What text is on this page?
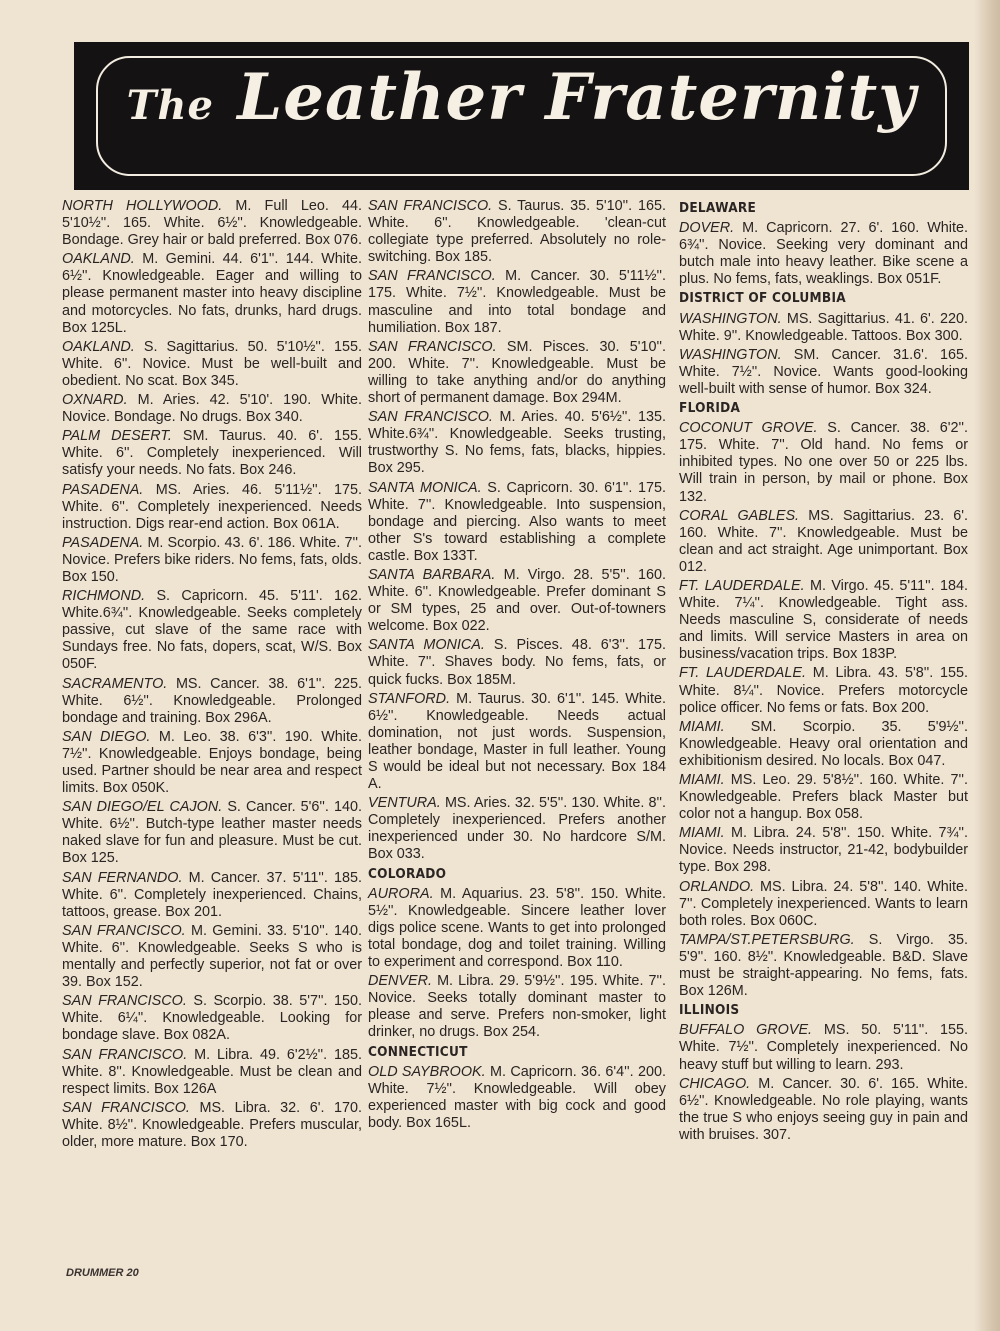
The Leather Fraternity
NORTH HOLLYWOOD. M. Full Leo. 44. 5'10½''. 165. White. 6½''. Knowledgeable. Bondage. Grey hair or bald preferred. Box 076.
OAKLAND. M. Gemini. 44. 6'1''. 144. White. 6½''. Knowledgeable. Eager and willing to please permanent master into heavy discipline and motorcycles. No fats, drunks, hard drugs. Box 125L.
OAKLAND. S. Sagittarius. 50. 5'10½''. 155. White. 6''. Novice. Must be well-built and obedient. No scat. Box 345.
OXNARD. M. Aries. 42. 5'10'. 190. White. Novice. Bondage. No drugs. Box 340.
PALM DESERT. SM. Taurus. 40. 6'. 155. White. 6''. Completely inexperienced. Will satisfy your needs. No fats. Box 246.
PASADENA. MS. Aries. 46. 5'11½''. 175. White. 6''. Completely inexperienced. Needs instruction. Digs rear-end action. Box 061A.
PASADENA. M. Scorpio. 43. 6'. 186. White. 7''. Novice. Prefers bike riders. No fems, fats, olds. Box 150.
RICHMOND. S. Capricorn. 45. 5'11'. 162. White.6¾''. Knowledgeable. Seeks completely passive, cut slave of the same race with Sundays free. No fats, dopers, scat, W/S. Box 050F.
SACRAMENTO. MS. Cancer. 38. 6'1''. 225. White. 6½''. Knowledgeable. Prolonged bondage and training. Box 296A.
SAN DIEGO. M. Leo. 38. 6'3''. 190. White. 7½''. Knowledgeable. Enjoys bondage, being used. Partner should be near area and respect limits. Box 050K.
SAN DIEGO/EL CAJON. S. Cancer. 5'6''. 140. White. 6½''. Butch-type leather master needs naked slave for fun and pleasure. Must be cut. Box 125.
SAN FERNANDO. M. Cancer. 37. 5'11''. 185. White. 6''. Completely inexperienced. Chains, tattoos, grease. Box 201.
SAN FRANCISCO. M. Gemini. 33. 5'10''. 140. White. 6''. Knowledgeable. Seeks S who is mentally and perfectly superior, not fat or over 39. Box 152.
SAN FRANCISCO. S. Scorpio. 38. 5'7''. 150. White. 6¼''. Knowledgeable. Looking for bondage slave. Box 082A.
SAN FRANCISCO. M. Libra. 49. 6'2½''. 185. White. 8''. Knowledgeable. Must be clean and respect limits. Box 126A
SAN FRANCISCO. MS. Libra. 32. 6'. 170. White. 8½''. Knowledgeable. Prefers muscular, older, more mature. Box 170.
SAN FRANCISCO. S. Taurus. 35. 5'10''. 165. White. 6''. Knowledgeable. 'clean-cut collegiate type preferred. Absolutely no role-switching. Box 185.
SAN FRANCISCO. M. Cancer. 30. 5'11½''. 175. White. 7½''. Knowledgeable. Must be masculine and into total bondage and humiliation. Box 187.
SAN FRANCISCO. SM. Pisces. 30. 5'10''. 200. White. 7''. Knowledgeable. Must be willing to take anything and/or do anything short of permanent damage. Box 294M.
SAN FRANCISCO. M. Aries. 40. 5'6½''. 135. White.6¾''. Knowledgeable. Seeks trusting, trustworthy S. No fems, fats, blacks, hippies. Box 295.
SANTA MONICA. S. Capricorn. 30. 6'1''. 175. White. 7''. Knowledgeable. Into suspension, bondage and piercing. Also wants to meet other S's toward establishing a complete castle. Box 133T.
SANTA BARBARA. M. Virgo. 28. 5'5''. 160. White. 6''. Knowledgeable. Prefer dominant S or SM types, 25 and over. Out-of-towners welcome. Box 022.
SANTA MONICA. S. Pisces. 48. 6'3''. 175. White. 7''. Shaves body. No fems, fats, or quick fucks. Box 185M.
STANFORD. M. Taurus. 30. 6'1''. 145. White. 6½''. Knowledgeable. Needs actual domination, not just words. Suspension, leather bondage, Master in full leather. Young S would be ideal but not necessary. Box 184 A.
VENTURA. MS. Aries. 32. 5'5''. 130. White. 8''. Completely inexperienced. Prefers another inexperienced under 30. No hardcore S/M. Box 033.
COLORADO
AURORA. M. Aquarius. 23. 5'8''. 150. White. 5½''. Knowledgeable. Sincere leather lover digs police scene. Wants to get into prolonged total bondage, dog and toilet training. Willing to experiment and correspond. Box 110.
DENVER. M. Libra. 29. 5'9½''. 195. White. 7''. Novice. Seeks totally dominant master to please and serve. Prefers non-smoker, light drinker, no drugs. Box 254.
CONNECTICUT
OLD SAYBROOK. M. Capricorn. 36. 6'4''. 200. White. 7½''. Knowledgeable. Will obey experienced master with big cock and good body. Box 165L.
DELAWARE
DOVER. M. Capricorn. 27. 6'. 160. White. 6¾''. Novice. Seeking very dominant and butch male into heavy leather. Bike scene a plus. No fems, fats, weaklings. Box 051F.
DISTRICT OF COLUMBIA
WASHINGTON. MS. Sagittarius. 41. 6'. 220. White. 9''. Knowledgeable. Tattoos. Box 300.
WASHINGTON. SM. Cancer. 31.6'. 165. White. 7½''. Novice. Wants good-looking well-built with sense of humor. Box 324.
FLORIDA
COCONUT GROVE. S. Cancer. 38. 6'2''. 175. White. 7''. Old hand. No fems or inhibited types. No one over 50 or 225 lbs. Will train in person, by mail or phone. Box 132.
CORAL GABLES. MS. Sagittarius. 23. 6'. 160. White. 7''. Knowledgeable. Must be clean and act straight. Age unimportant. Box 012.
FT. LAUDERDALE. M. Virgo. 45. 5'11''. 184. White. 7¼''. Knowledgeable. Tight ass. Needs masculine S, considerate of needs and limits. Will service Masters in area on business/vacation trips. Box 183P.
FT. LAUDERDALE. M. Libra. 43. 5'8''. 155. White. 8¼''. Novice. Prefers motorcycle police officer. No fems or fats. Box 200.
MIAMI. SM. Scorpio. 35. 5'9½''. Knowledgeable. Heavy oral orientation and exhibitionism desired. No locals. Box 047.
MIAMI. MS. Leo. 29. 5'8½''. 160. White. 7''. Knowledgeable. Prefers black Master but color not a hangup. Box 058.
MIAMI. M. Libra. 24. 5'8''. 150. White. 7¾''. Novice. Needs instructor, 21-42, bodybuilder type. Box 298.
ORLANDO. MS. Libra. 24. 5'8''. 140. White. 7''. Completely inexperienced. Wants to learn both roles. Box 060C.
TAMPA/ST.PETERSBURG. S. Virgo. 35. 5'9''. 160. 8½''. Knowledgeable. B&D. Slave must be straight-appearing. No fems, fats. Box 126M.
ILLINOIS
BUFFALO GROVE. MS. 50. 5'11''. 155. White. 7½''. Completely inexperienced. No heavy stuff but willing to learn. 293.
CHICAGO. M. Cancer. 30. 6'. 165. White. 6½''. Knowledgeable. No role playing, wants the true S who enjoys seeing guy in pain and with bruises. 307.
DRUMMER 20
